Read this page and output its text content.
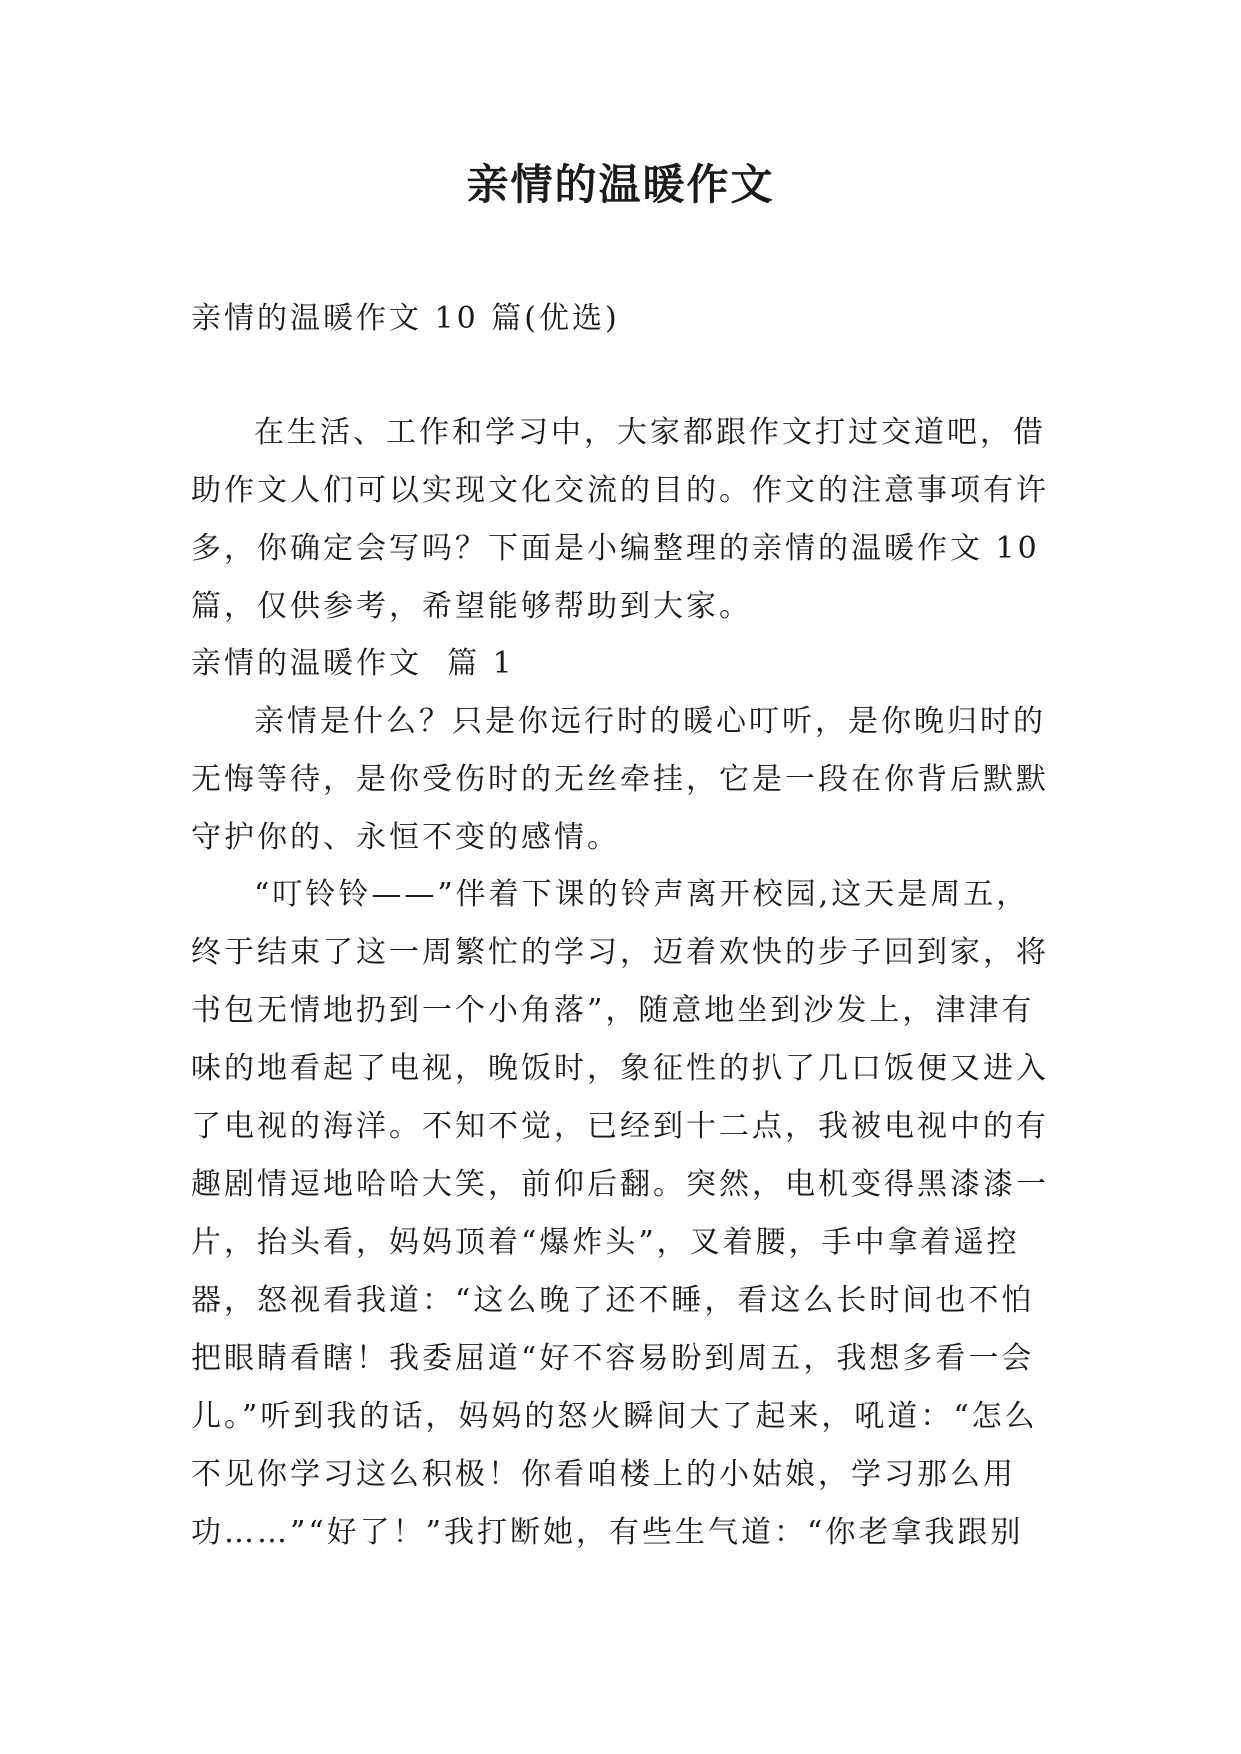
亲情的温暖作文

亲情的温暖作文 10 篇(优选)

在生活、工作和学习中，大家都跟作文打过交道吧，借助作文人们可以实现文化交流的目的。作文的注意事项有许多，你确定会写吗？下面是小编整理的亲情的温暖作文 10 篇，仅供参考，希望能够帮助到大家。

亲情的温暖作文  篇 1

亲情是什么？只是你远行时的暖心叮听，是你晚归时的无悔等待，是你受伤时的无丝牵挂，它是一段在你背后默默守护你的、永恒不变的感情。

“叮铃铃——”伴着下课的铃声离开校园,这天是周五，终于结束了这一周繁忙的学习，迈着欢快的步子回到家，将书包无情地扔到一个小角落”，随意地坐到沙发上，津津有味的地看起了电视，晚饭时，象征性的扒了几口饭便又进入了电视的海洋。不知不觉，已经到十二点，我被电视中的有趣剧情逗地哈哈大笑，前仰后翻。突然，电机变得黑漆漆一片，抬头看，妈妈顶着“爆炸头”，叉着腰，手中拿着遥控器，怒视看我道：“这么晚了还不睡，看这么长时间也不怕把眼睛看瞎！我委屈道“好不容易盼到周五，我想多看一会儿。”听到我的话，妈妈的怒火瞬间大了起来，吼道：“怎么不见你学习这么积极！你看咱楼上的小姑娘，学习那么用功……”“好了！”我打断她，有些生气道：“你老拿我跟别
